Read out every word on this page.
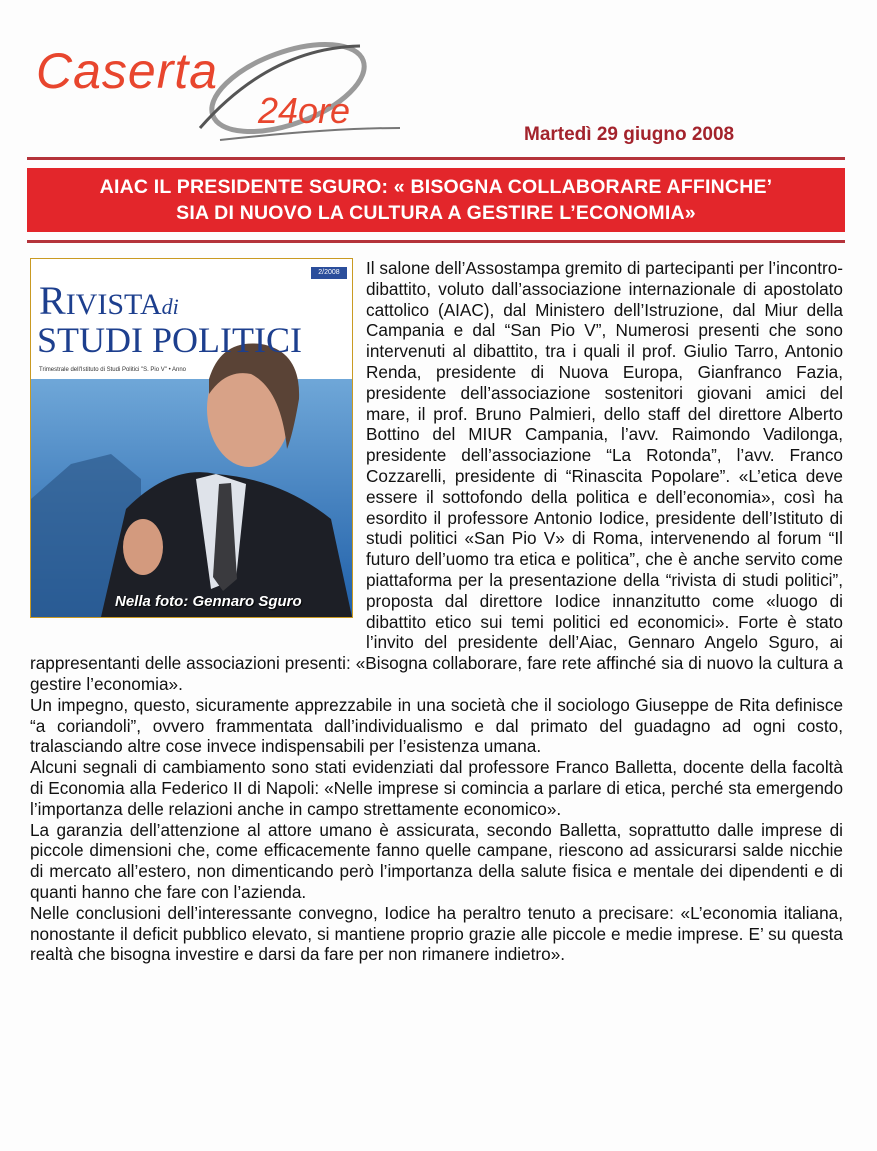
Caserta
24ore
Martedì 29 giugno 2008
AIAC IL PRESIDENTE SGURO: « BISOGNA COLLABORARE AFFINCHE’
SIA DI NUOVO LA CULTURA A GESTIRE L’ECONOMIA»

Il salone dell’Assostampa gremito di partecipanti per l’incontro-dibattito, voluto dall’associazione internazionale di apostolato cattolico (AIAC), dal Ministero dell’Istruzione, dal Miur della Campania e dal “San Pio V”, Numerosi presenti che sono intervenuti al dibattito, tra i quali il prof. Giulio Tarro, Antonio Renda, presidente di Nuova Europa, Gianfranco Fazia, presidente dell’associazione sostenitori giovani amici del mare, il prof. Bruno Palmieri, dello staff del direttore Alberto Bottino del MIUR Campania, l’avv. Raimondo Vadilonga, presidente dell’associazione “La Rotonda”, l’avv. Franco Cozzarelli, presidente di “Rinascita Popolare”. «L’etica deve essere il sottofondo della politica e dell’economia», così ha esordito il professore Antonio Iodice, presidente dell’Istituto di studi politici «San Pio V» di Roma, intervenendo al forum “Il futuro dell’uomo tra etica e politica”, che è anche servito come piattaforma per la presentazione della “rivista di studi politici”, proposta dal direttore Iodice innanzitutto come «luogo di dibattito etico sui temi politici ed economici». Forte è stato l’invito del presidente dell’Aiac, Gennaro Angelo Sguro, ai rappresentanti delle associazioni presenti: «Bisogna collaborare, fare rete affinché sia di nuovo la cultura a gestire l’economia».

Un impegno, questo, sicuramente apprezzabile in una società che il sociologo Giuseppe de Rita definisce “a coriandoli”, ovvero frammentata dall’individualismo e dal primato del guadagno ad ogni costo, tralasciando altre cose invece indispensabili per l’esistenza umana.

Alcuni segnali di cambiamento sono stati evidenziati dal professore Franco Balletta, docente della facoltà di Economia alla Federico II di Napoli: «Nelle imprese si comincia a parlare di etica, perché sta emergendo l’importanza delle relazioni anche in campo strettamente economico».

La garanzia dell’attenzione al attore umano è assicurata, secondo Balletta, soprattutto dalle imprese di piccole dimensioni che, come efficacemente fanno quelle campane, riescono ad assicurarsi salde nicchie di mercato all’estero, non dimenticando però l’importanza della salute fisica e mentale dei dipendenti e di quanti hanno che fare con l’azienda.

Nelle conclusioni dell’interessante convegno, Iodice ha peraltro tenuto a precisare: «L’economia italiana, nonostante il deficit pubblico elevato, si mantiene proprio grazie alle piccole e medie imprese. E’ su questa realtà che bisogna investire e darsi da fare per non rimanere indietro».

2/2008
RIVISTAdi
STUDI POLITICI
Trimestrale dell'Istituto di Studi Politici "S. Pio V" • Anno
Nella foto: Gennaro Sguro
